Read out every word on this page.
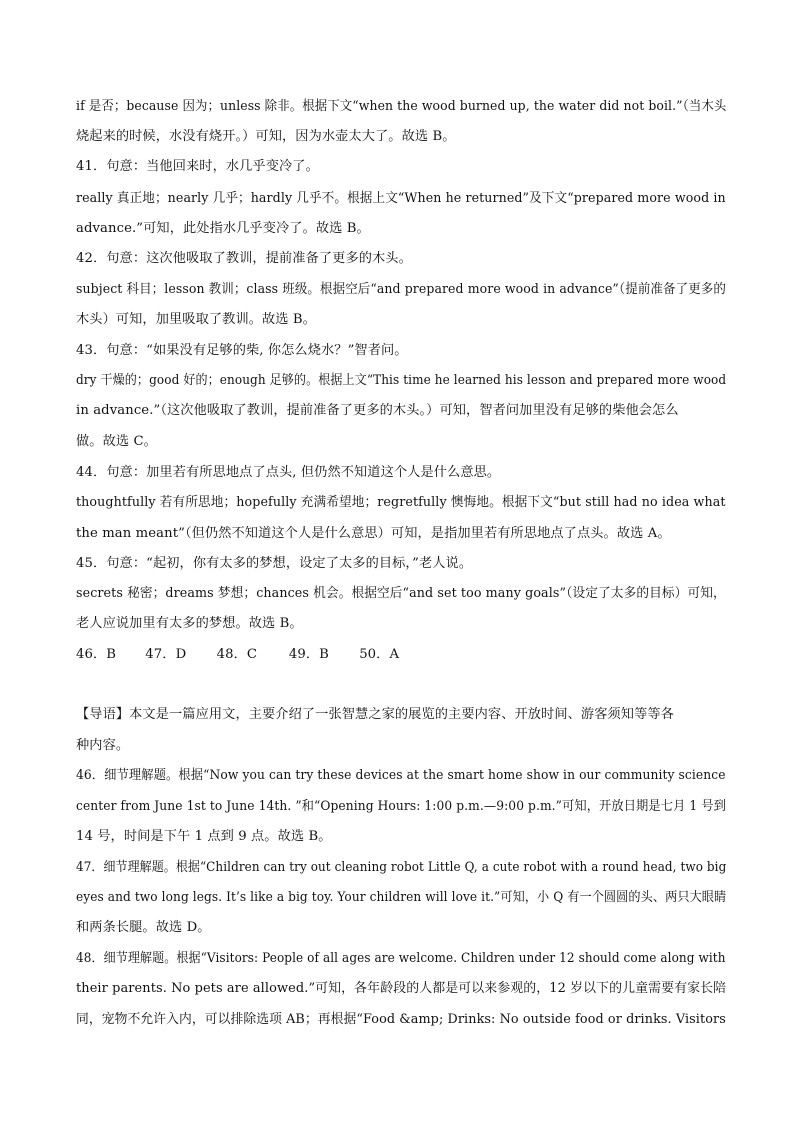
if 是否；because 因为；unless 除非。根据下文“when the wood burned up, the water did not boil.”（当木头
烧起来的时候，水没有烧开。）可知，因为水壶太大了。故选 B。
41．句意：当他回来时，水几乎变冷了。
really 真正地；nearly 几乎；hardly 几乎不。根据上文“When he returned”及下文“prepared more wood in
advance.”可知，此处指水几乎变冷了。故选 B。
42．句意：这次他吸取了教训，提前准备了更多的木头。
subject 科目；lesson 教训；class 班级。根据空后“and prepared more wood in advance”（提前准备了更多的
木头）可知，加里吸取了教训。故选 B。
43．句意：“如果没有足够的柴, 你怎么烧水？”智者问。
dry 干燥的；good 好的；enough 足够的。根据上文“This time he learned his lesson and prepared more wood
in advance.”（这次他吸取了教训，提前准备了更多的木头。）可知，智者问加里没有足够的柴他会怎么
做。故选 C。
44．句意：加里若有所思地点了点头, 但仍然不知道这个人是什么意思。
thoughtfully 若有所思地；hopefully 充满希望地；regretfully 懊悔地。根据下文“but still had no idea what
the man meant”（但仍然不知道这个人是什么意思）可知，是指加里若有所思地点了点头。故选 A。
45．句意：“起初，你有太多的梦想，设定了太多的目标，”老人说。
secrets 秘密；dreams 梦想；chances 机会。根据空后“and set too many goals”（设定了太多的目标）可知，
老人应说加里有太多的梦想。故选 B。
46．B 47．D 48．C 49．B 50．A
【导语】本文是一篇应用文，主要介绍了一张智慧之家的展览的主要内容、开放时间、游客须知等等各
种内容。
46．细节理解题。根据“Now you can try these devices at the smart home show in our community science
center from June 1st to June 14th. ”和“Opening Hours: 1:00 p.m.—9:00 p.m.”可知，开放日期是七月 1 号到
14 号，时间是下午 1 点到 9 点。故选 B。
47．细节理解题。根据“Children can try out cleaning robot Little Q, a cute robot with a round head, two big
eyes and two long legs. It’s like a big toy. Your children will love it.”可知，小 Q 有一个圆圆的头、两只大眼睛
和两条长腿。故选 D。
48．细节理解题。根据“Visitors: People of all ages are welcome. Children under 12 should come along with
their parents. No pets are allowed.”可知，各年龄段的人都是可以来参观的，12 岁以下的儿童需要有家长陪
同，宠物不允许入内，可以排除选项 AB；再根据“Food &amp; Drinks: No outside food or drinks. Visitors
